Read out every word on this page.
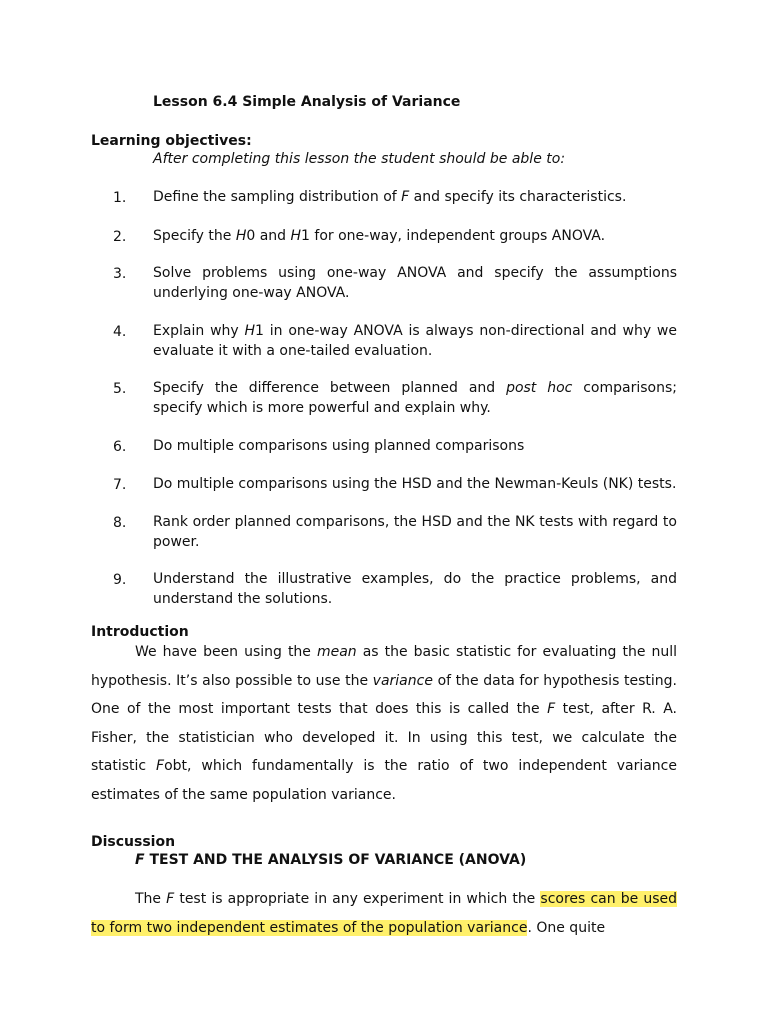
Lesson 6.4 Simple Analysis of Variance
Learning objectives:
After completing this lesson the student should be able to:
1.	Define the sampling distribution of F and specify its characteristics.
2.	Specify the H0 and H1 for one-way, independent groups ANOVA.
3.	Solve problems using one-way ANOVA and specify the assumptions underlying one-way ANOVA.
4.	Explain why H1 in one-way ANOVA is always non-directional and why we evaluate it with a one-tailed evaluation.
5.	Specify the difference between planned and post hoc comparisons; specify which is more powerful and explain why.
6.	Do multiple comparisons using planned comparisons
7.	Do multiple comparisons using the HSD and the Newman-Keuls (NK) tests.
8.	Rank order planned comparisons, the HSD and the NK tests with regard to power.
9.	Understand the illustrative examples, do the practice problems, and understand the solutions.
Introduction
We have been using the mean as the basic statistic for evaluating the null hypothesis. It’s also possible to use the variance of the data for hypothesis testing. One of the most important tests that does this is called the F test, after R. A. Fisher, the statistician who developed it. In using this test, we calculate the statistic Fobt, which fundamentally is the ratio of two independent variance estimates of the same population variance.
Discussion
F TEST AND THE ANALYSIS OF VARIANCE (ANOVA)
The F test is appropriate in any experiment in which the scores can be used to form two independent estimates of the population variance. One quite
